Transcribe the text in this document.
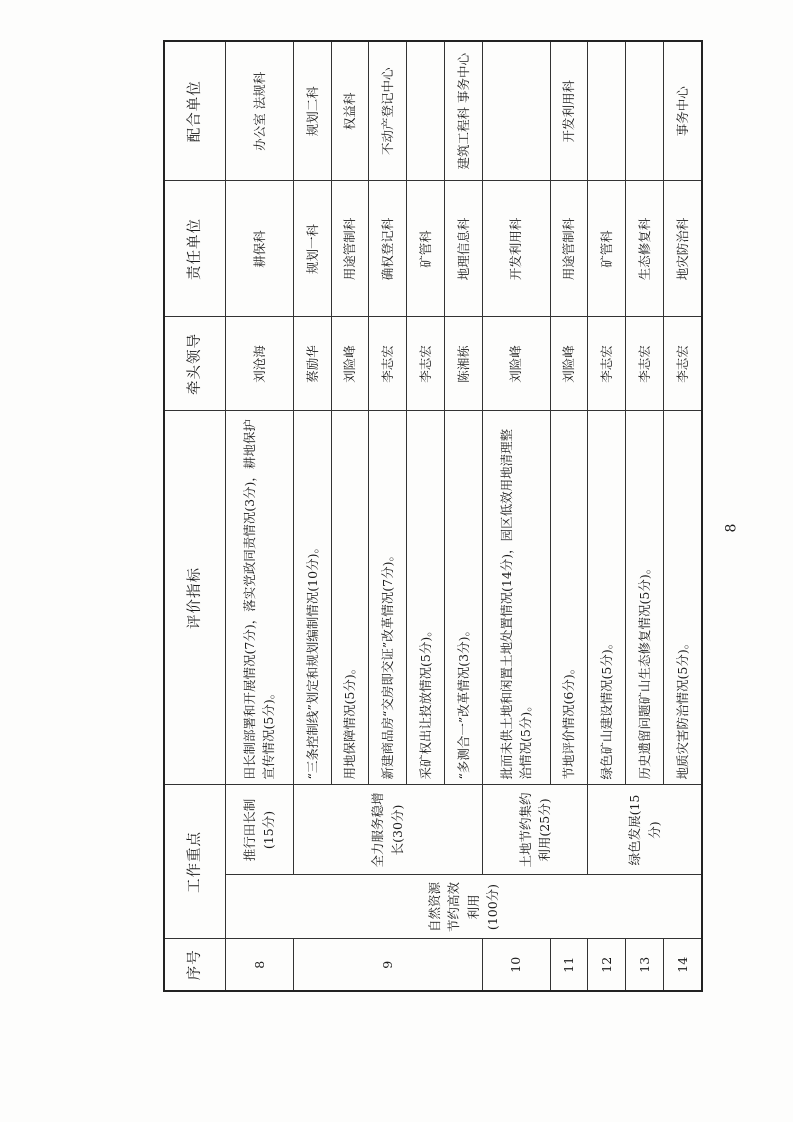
序号	工作重点		评价指标	牵头领导	责任单位	配合单位
8	自然资源节约高效利用(100分)	推行田长制(15分)	田长制部署和开展情况(7分)，落实党政同责情况(3分)，耕地保护宣传情况(5分)。	刘沧海	耕保科	办公室 法规科
9		全力服务稳增长(30分)	“三条控制线”划定和规划编制情况(10分)。	蔡励华	规划一科	规划二科
			用地保障情况(5分)。	刘险峰	用途管制科	权益科
			新建商品房“交房即交证”改革情况(7分)。	李志宏	确权登记科	不动产登记中心
			采矿权出让投放情况(5分)。	李志宏	矿管科	
			“多测合一”改革情况(3分)。	陈湘栋	地理信息科	建筑工程科 事务中心
10		土地节约集约利用(25分)	批而未供土地和闲置土地处置情况(14分)，园区低效用地清理整治情况(5分)。	刘险峰	开发利用科	
11			节地评价情况(6分)。	刘险峰	用途管制科	开发利用科
12		绿色发展(15分)	绿色矿山建设情况(5分)。	李志宏	矿管科	
13			历史遗留问题矿山生态修复情况(5分)。	李志宏	生态修复科	
14			地质灾害防治情况(5分)。	李志宏	地灾防治科	事务中心
8
